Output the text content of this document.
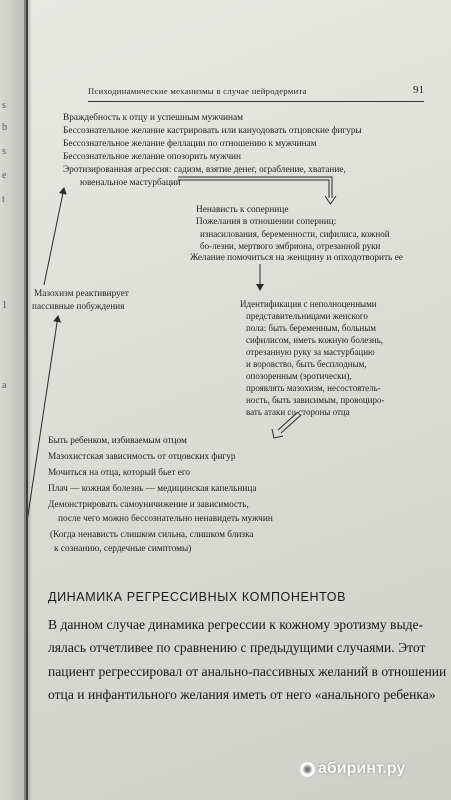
s
b
s
e
t
1
a
Психодинамические механизмы в случае нейродермита	91
Враждебность к отцу и успешным мужчинам
Бессознательное желание кастрировать или кануодовать отцовские фигуры
Бессознательное желание феллации по отношению к мужчинам
Бессознательное желание опозорить мужчин
Эротизированная агрессия: садизм, взятие денег, ограбление, хватание,
ювенальное мастурбации
Ненависть к сопернице
Пожелания в отношении соперниц:
изнасилования, беременности, сифилиса, кожной
бо-лезни, мертвого эмбриона, отрезанной руки
Желание помочиться на женщину и опходотворить ее
Мазохизм реактивирует
пассивные побуждения	Идентификация с неполноценными
представительницами женского
пола: быть беременным, больным
сифилисом, иметь кожную болезнь,
отрезанную руку за мастурбацию
и воровство, быть бесплодным,
опозоренным (эротически),
проявлять мазохизм, несостоятель-
ность, быть зависимым, провоциро-
вать атаки со стороны отца
Быть ребенком, избиваемым отцом
Мазохистская зависимость от отцовских фигур
Мочиться на отца, который бьет его
Плач — кожная болезнь — медицинская капельница
Демонстрировать самоуничижение и зависимость,
после чего можно бессознательно ненавидеть мужчин
(Когда ненависть слишком сильна, слишком близка
к сознанию, сердечные симптомы)
ДИНАМИКА РЕГРЕССИВНЫХ КОМПОНЕНТОВ
В данном случае динамика регрессии к кожному эротизму выде-
лялась отчетливее по сравнению с предыдущими случаями. Этот
пациент регрессировал от анально-пассивных желаний в отношении
отца и инфантильного желания иметь от него «анального ребенка»
◉ абиринт.ру
